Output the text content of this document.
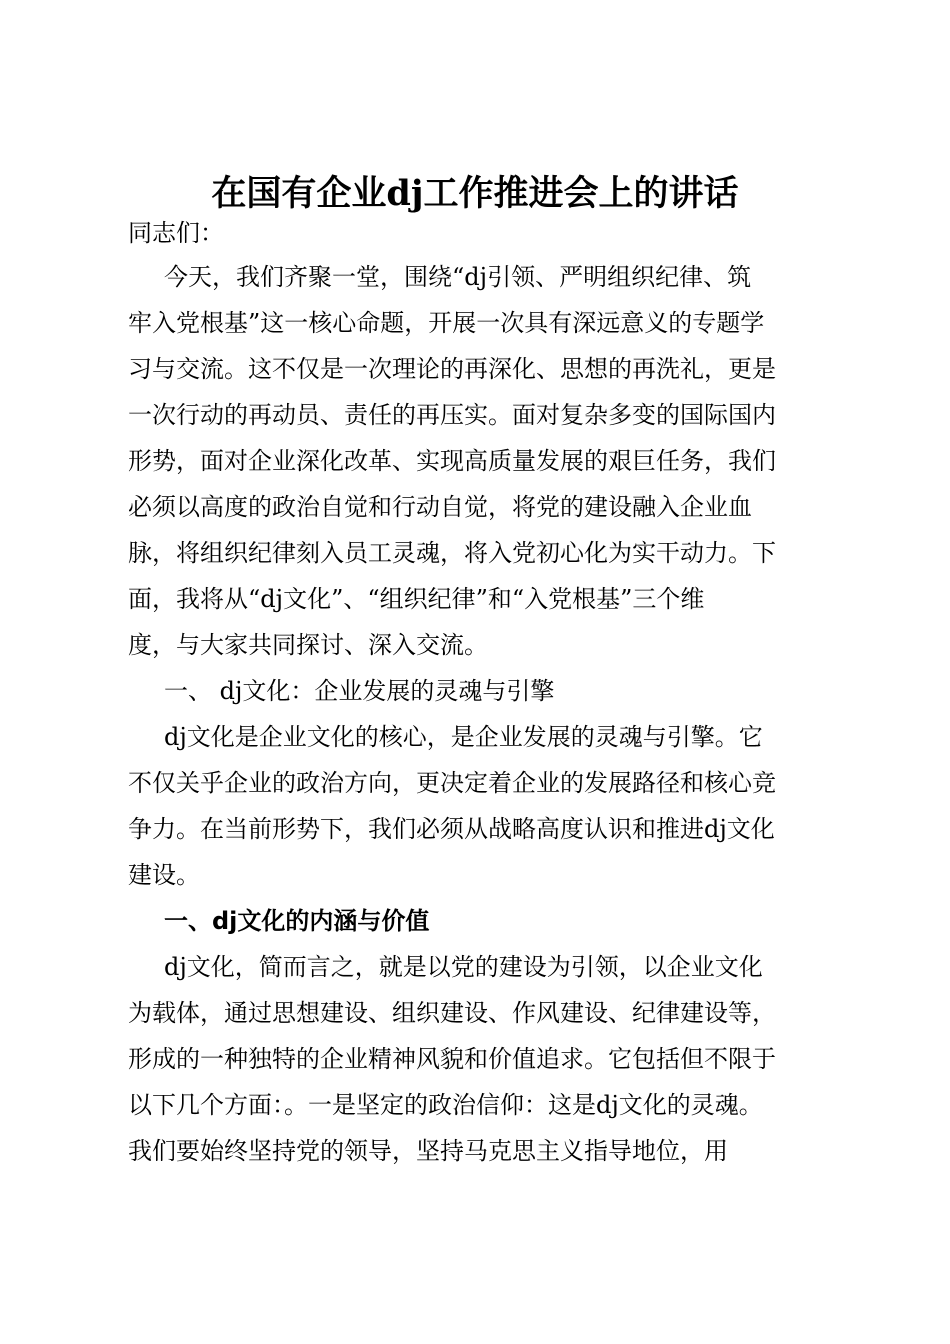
在国有企业dj工作推进会上的讲话

同志们：

今天，我们齐聚一堂，围绕“dj引领、严明组织纪律、筑

牢入党根基”这一核心命题，开展一次具有深远意义的专题学

习与交流。这不仅是一次理论的再深化、思想的再洗礼，更是

一次行动的再动员、责任的再压实。面对复杂多变的国际国内

形势，面对企业深化改革、实现高质量发展的艰巨任务，我们

必须以高度的政治自觉和行动自觉，将党的建设融入企业血

脉，将组织纪律刻入员工灵魂，将入党初心化为实干动力。下

面，我将从“dj文化”、“组织纪律”和“入党根基”三个维

度，与大家共同探讨、深入交流。

一、 dj文化：企业发展的灵魂与引擎

dj文化是企业文化的核心，是企业发展的灵魂与引擎。它

不仅关乎企业的政治方向，更决定着企业的发展路径和核心竞

争力。在当前形势下，我们必须从战略高度认识和推进dj文化

建设。

一、dj文化的内涵与价值

dj文化，简而言之，就是以党的建设为引领，以企业文化

为载体，通过思想建设、组织建设、作风建设、纪律建设等，

形成的一种独特的企业精神风貌和价值追求。它包括但不限于

以下几个方面：。一是坚定的政治信仰：这是dj文化的灵魂。

我们要始终坚持党的领导，坚持马克思主义指导地位，用
